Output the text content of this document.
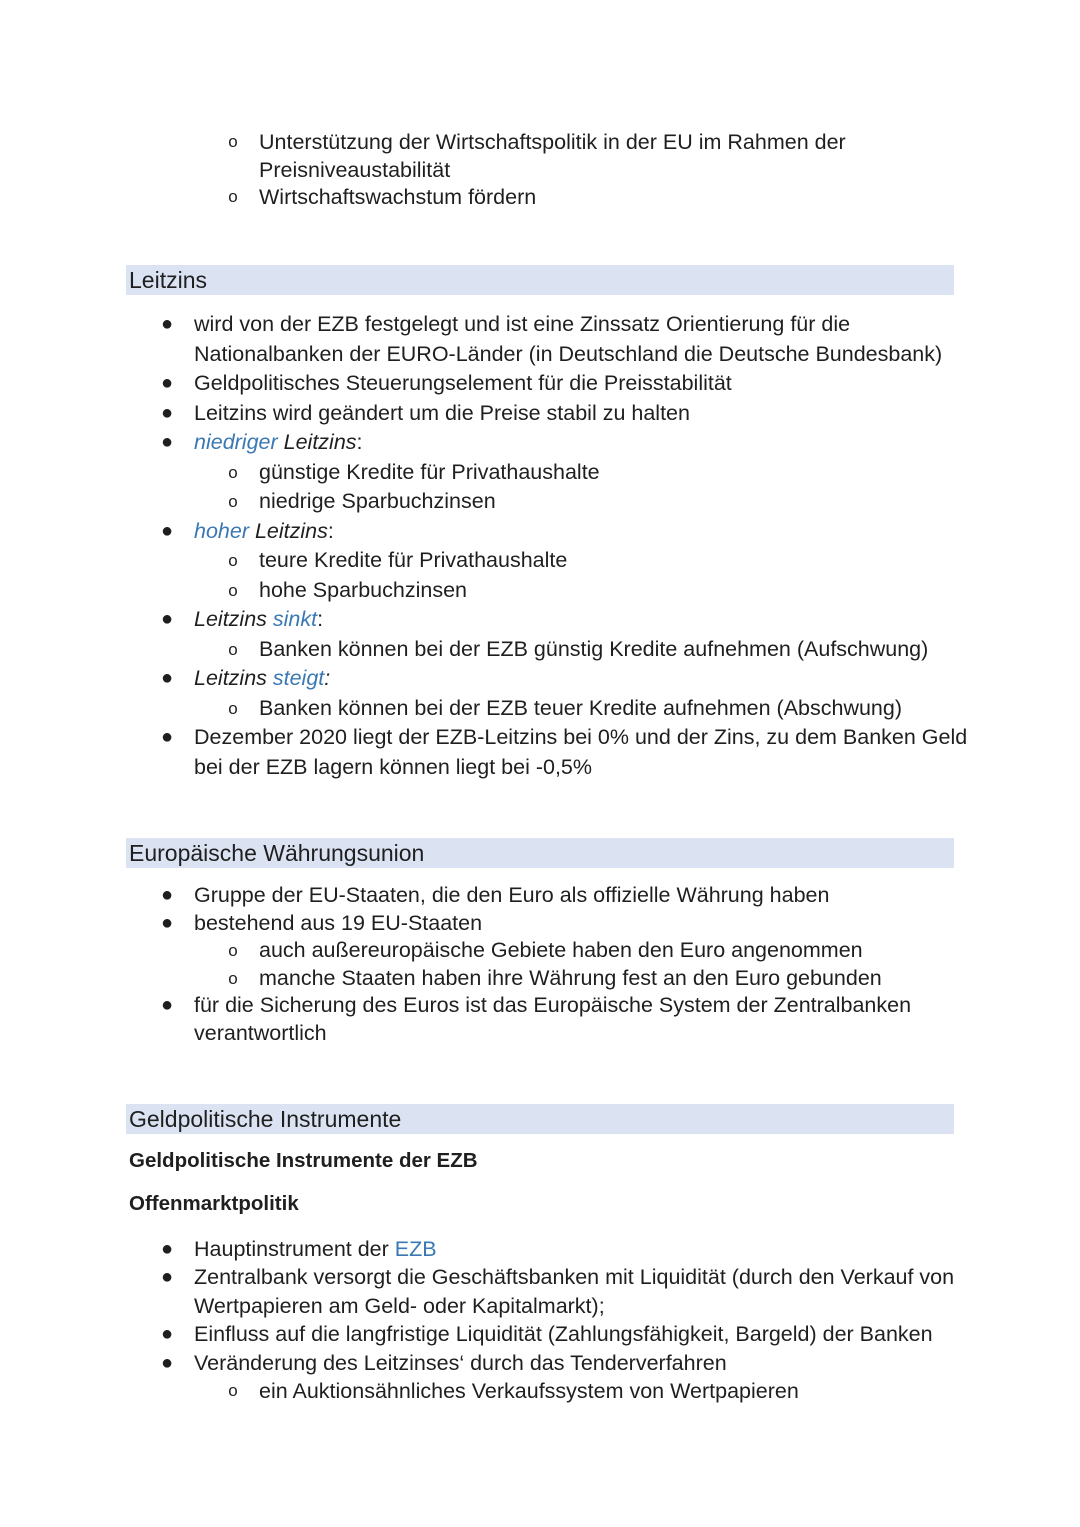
o Unterstützung der Wirtschaftspolitik in der EU im Rahmen der Preisniveaustabilität
o Wirtschaftswachstum fördern
Leitzins
● wird von der EZB festgelegt und ist eine Zinssatz Orientierung für die Nationalbanken der EURO-Länder (in Deutschland die Deutsche Bundesbank)
● Geldpolitisches Steuerungselement für die Preisstabilität
● Leitzins wird geändert um die Preise stabil zu halten
● niedriger Leitzins:
o günstige Kredite für Privathaushalte
o niedrige Sparbuchzinsen
● hoher Leitzins:
o teure Kredite für Privathaushalte
o hohe Sparbuchzinsen
● Leitzins sinkt:
o Banken können bei der EZB günstig Kredite aufnehmen (Aufschwung)
● Leitzins steigt:
o Banken können bei der EZB teuer Kredite aufnehmen (Abschwung)
● Dezember 2020 liegt der EZB-Leitzins bei 0% und der Zins, zu dem Banken Geld bei der EZB lagern können liegt bei -0,5%
Europäische Währungsunion
● Gruppe der EU-Staaten, die den Euro als offizielle Währung haben
● bestehend aus 19 EU-Staaten
o auch außereuropäische Gebiete haben den Euro angenommen
o manche Staaten haben ihre Währung fest an den Euro gebunden
● für die Sicherung des Euros ist das Europäische System der Zentralbanken verantwortlich
Geldpolitische Instrumente
Geldpolitische Instrumente der EZB
Offenmarktpolitik
● Hauptinstrument der EZB
● Zentralbank versorgt die Geschäftsbanken mit Liquidität (durch den Verkauf von Wertpapieren am Geld- oder Kapitalmarkt);
● Einfluss auf die langfristige Liquidität (Zahlungsfähigkeit, Bargeld) der Banken
● Veränderung des Leitzinses‘ durch das Tenderverfahren
o ein Auktionsähnliches Verkaufssystem von Wertpapieren
